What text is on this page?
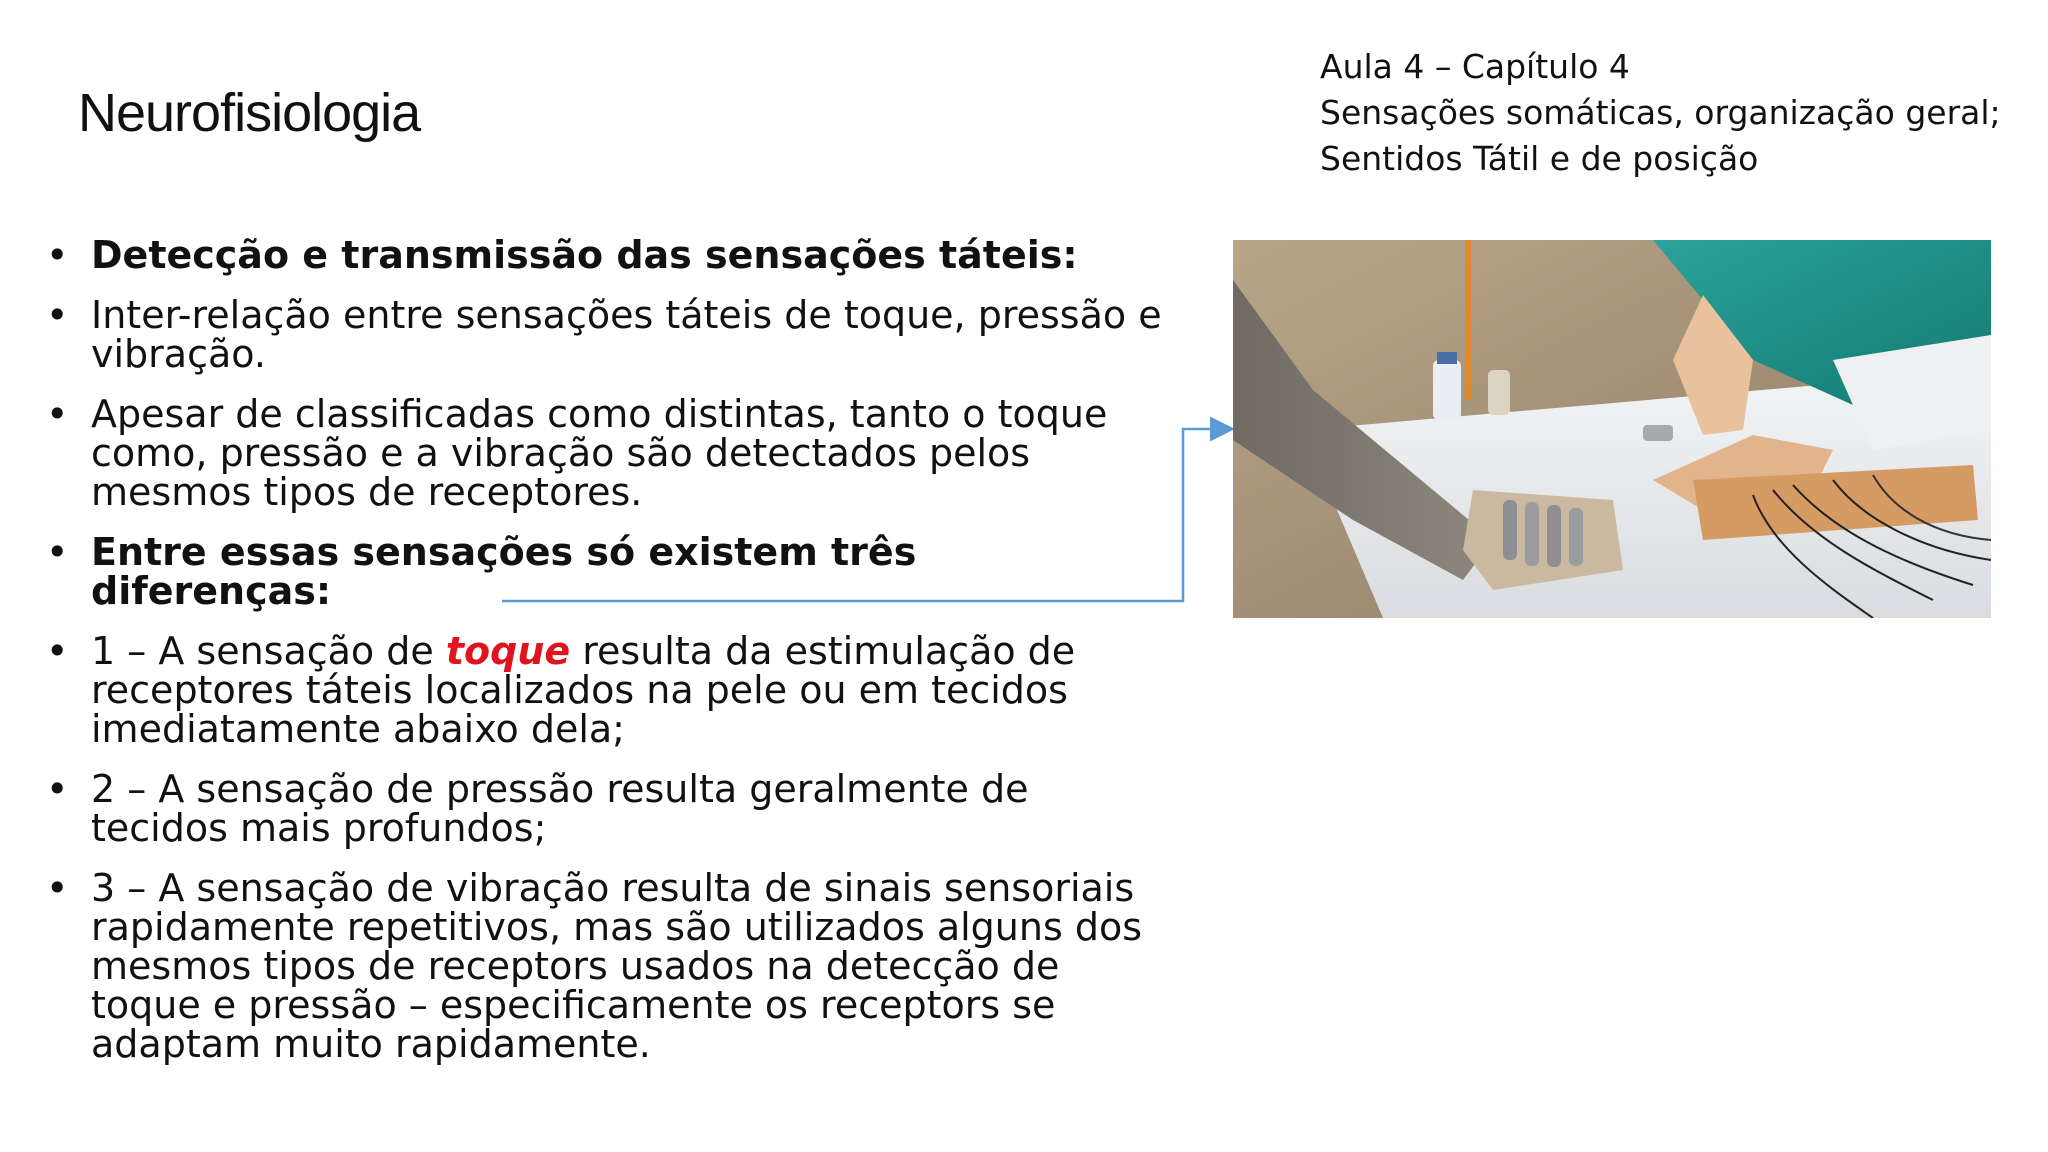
Neurofisiologia
Aula 4 – Capítulo 4
Sensações somáticas, organização geral;
Sentidos Tátil e de posição
• Detecção e transmissão das sensações táteis:
• Inter-relação entre sensações táteis de toque, pressão e vibração.
• Apesar de classificadas como distintas, tanto o toque como, pressão e a vibração são detectados pelos mesmos tipos de receptores.
• Entre essas sensações só existem três diferenças:
• 1 – A sensação de toque resulta da estimulação de receptores táteis localizados na pele ou em tecidos imediatamente abaixo dela;
• 2 – A sensação de pressão resulta geralmente de tecidos mais profundos;
• 3 – A sensação de vibração resulta de sinais sensoriais rapidamente repetitivos, mas são utilizados alguns dos mesmos tipos de receptors usados na detecção de toque e pressão – especificamente os receptors se adaptam muito rapidamente.
